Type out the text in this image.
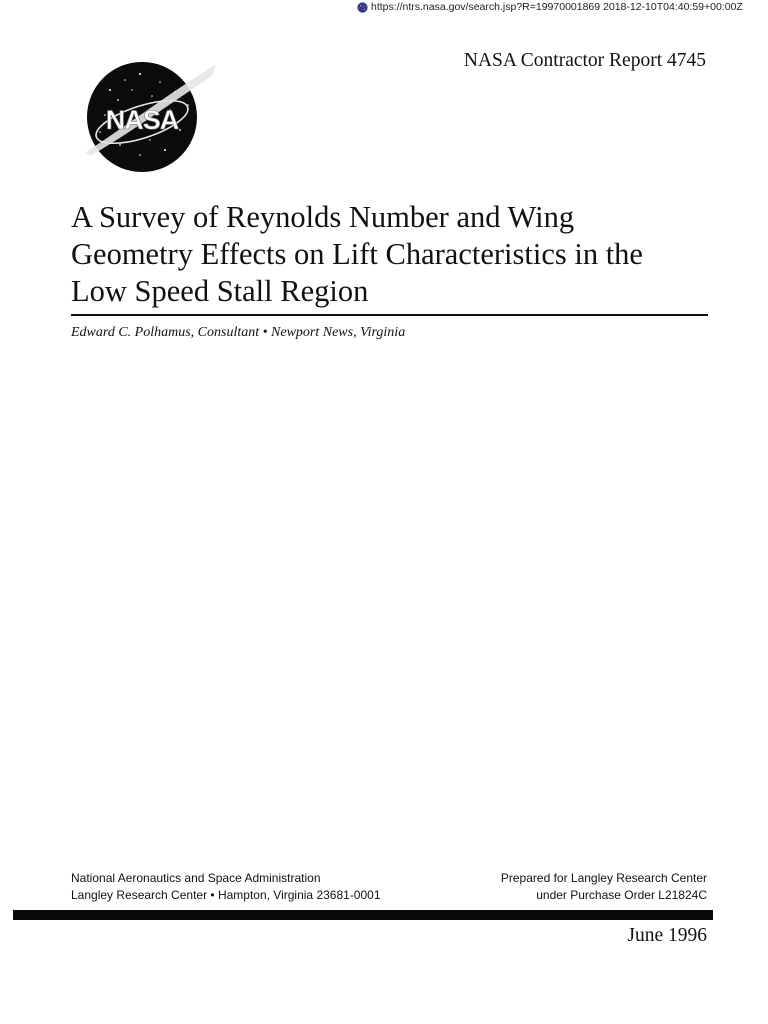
https://ntrs.nasa.gov/search.jsp?R=19970001869 2018-12-10T04:40:59+00:00Z
NASA
NASA Contractor Report 4745
A Survey of Reynolds Number and Wing
Geometry Effects on Lift Characteristics in the
Low Speed Stall Region
Edward C. Polhamus, Consultant • Newport News, Virginia
National Aeronautics and Space Administration
Langley Research Center • Hampton, Virginia 23681-0001
Prepared for Langley Research Center
under Purchase Order L21824C
June 1996
